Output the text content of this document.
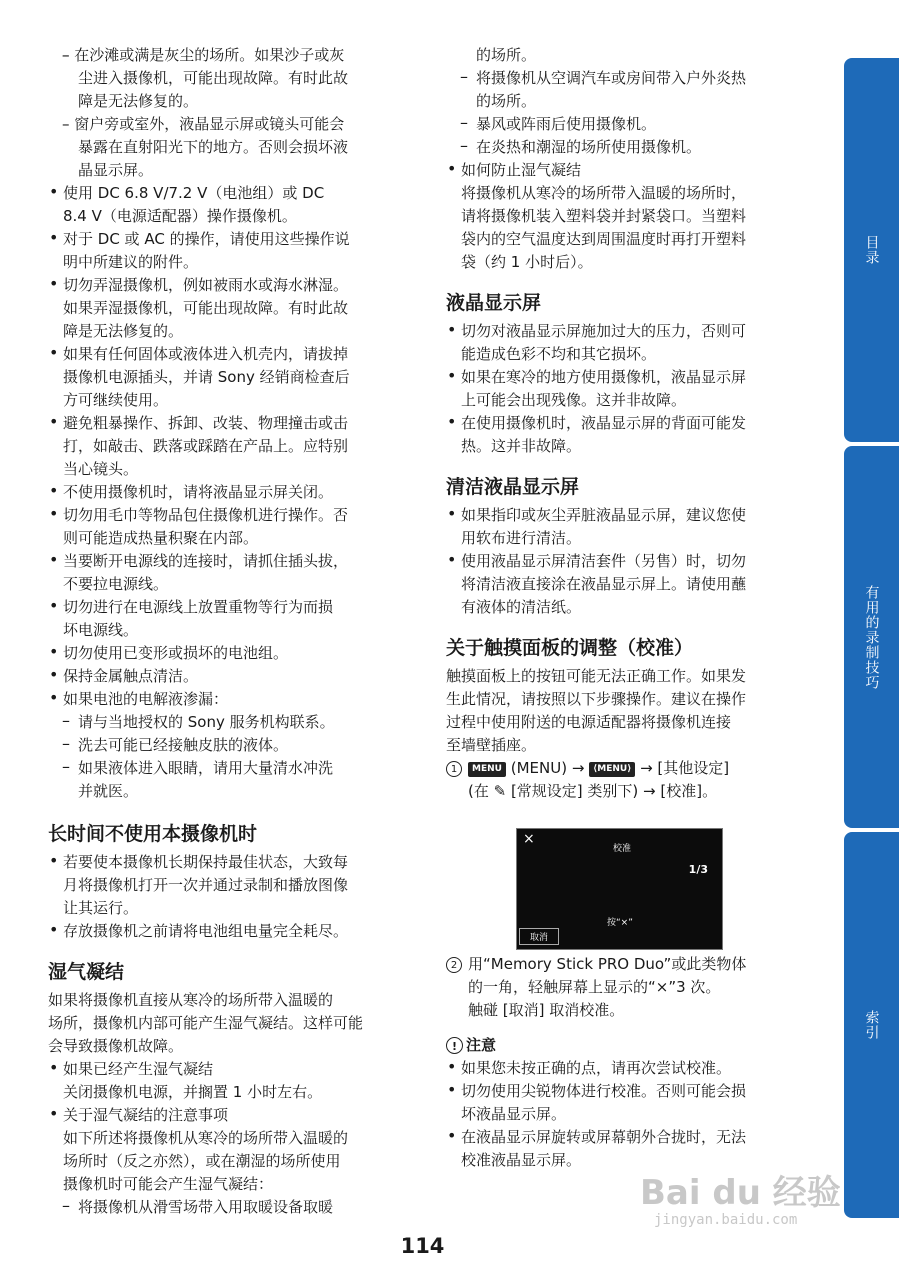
– – 在沙滩或满是灰尘的场所。如果沙子或灰
尘进入摄像机，可能出现故障。有时此故
障是无法修复的。
– 窗户旁或室外，液晶显示屏或镜头可能会
暴露在直射阳光下的地方。否则会损坏液
晶显示屏。
• 使用 DC 6.8 V/7.2 V（电池组）或 DC
8.4 V（电源适配器）操作摄像机。
• 对于 DC 或 AC 的操作，请使用这些操作说
明中所建议的附件。
• 切勿弄湿摄像机，例如被雨水或海水淋湿。
如果弄湿摄像机，可能出现故障。有时此故
障是无法修复的。
• 如果有任何固体或液体进入机壳内，请拔掉
摄像机电源插头，并请 Sony 经销商检查后
方可继续使用。
• 避免粗暴操作、拆卸、改装、物理撞击或击
打，如敲击、跌落或踩踏在产品上。应特别
当心镜头。
• 不使用摄像机时，请将液晶显示屏关闭。
• 切勿用毛巾等物品包住摄像机进行操作。否
则可能造成热量积聚在内部。
• 当要断开电源线的连接时，请抓住插头拔，
不要拉电源线。
• 切勿进行在电源线上放置重物等行为而损
坏电源线。
• 切勿使用已变形或损坏的电池组。
• 保持金属触点清洁。
• 如果电池的电解液渗漏：
– 请与当地授权的 Sony 服务机构联系。
– 洗去可能已经接触皮肤的液体。
– 如果液体进入眼睛，请用大量清水冲洗
并就医。
长时间不使用本摄像机时
• 若要使本摄像机长期保持最佳状态，大致每
月将摄像机打开一次并通过录制和播放图像
让其运行。
• 存放摄像机之前请将电池组电量完全耗尽。
湿气凝结
如果将摄像机直接从寒冷的场所带入温暖的
场所，摄像机内部可能产生湿气凝结。这样可能
会导致摄像机故障。
• 如果已经产生湿气凝结
关闭摄像机电源，并搁置 1 小时左右。
• 关于湿气凝结的注意事项
如下所述将摄像机从寒冷的场所带入温暖的
场所时（反之亦然），或在潮湿的场所使用
摄像机时可能会产生湿气凝结：
– 将摄像机从滑雪场带入用取暖设备取暖
的场所。
– 将摄像机从空调汽车或房间带入户外炎热
的场所。
– 暴风或阵雨后使用摄像机。
– 在炎热和潮湿的场所使用摄像机。
• 如何防止湿气凝结
将摄像机从寒冷的场所带入温暖的场所时，
请将摄像机装入塑料袋并封紧袋口。当塑料
袋内的空气温度达到周围温度时再打开塑料
袋（约 1 小时后）。
液晶显示屏
• 切勿对液晶显示屏施加过大的压力，否则可
能造成色彩不均和其它损坏。
• 如果在寒冷的地方使用摄像机，液晶显示屏
上可能会出现残像。这并非故障。
• 在使用摄像机时，液晶显示屏的背面可能发
热。这并非故障。
清洁液晶显示屏
• 如果指印或灰尘弄脏液晶显示屏，建议您使
用软布进行清洁。
• 使用液晶显示屏清洁套件（另售）时，切勿
将清洁液直接涂在液晶显示屏上。请使用蘸
有液体的清洁纸。
关于触摸面板的调整（校准）
触摸面板上的按钮可能无法正确工作。如果发
生此情况，请按照以下步骤操作。建议在操作
过程中使用附送的电源适配器将摄像机连接
至墙壁插座。
1 MENU (MENU) → ⟨MENU⟩ → [其他设定]
(在 ✎ [常规设定] 类别下) → [校准]。
2 用“Memory Stick PRO Duo”或此类物体
的一角，轻触屏幕上显示的“×”3 次。
触碰 [取消] 取消校准。
! 注意
• 如果您未按正确的点，请再次尝试校准。
• 切勿使用尖锐物体进行校准。否则可能会损
坏液晶显示屏。
• 在液晶显示屏旋转或屏幕朝外合拢时，无法
校准液晶显示屏。
×
校准
1/3
按“×”
取消
目录
有用的录制技巧
索引
114
Bai du 经验
jingyan.baidu.com
